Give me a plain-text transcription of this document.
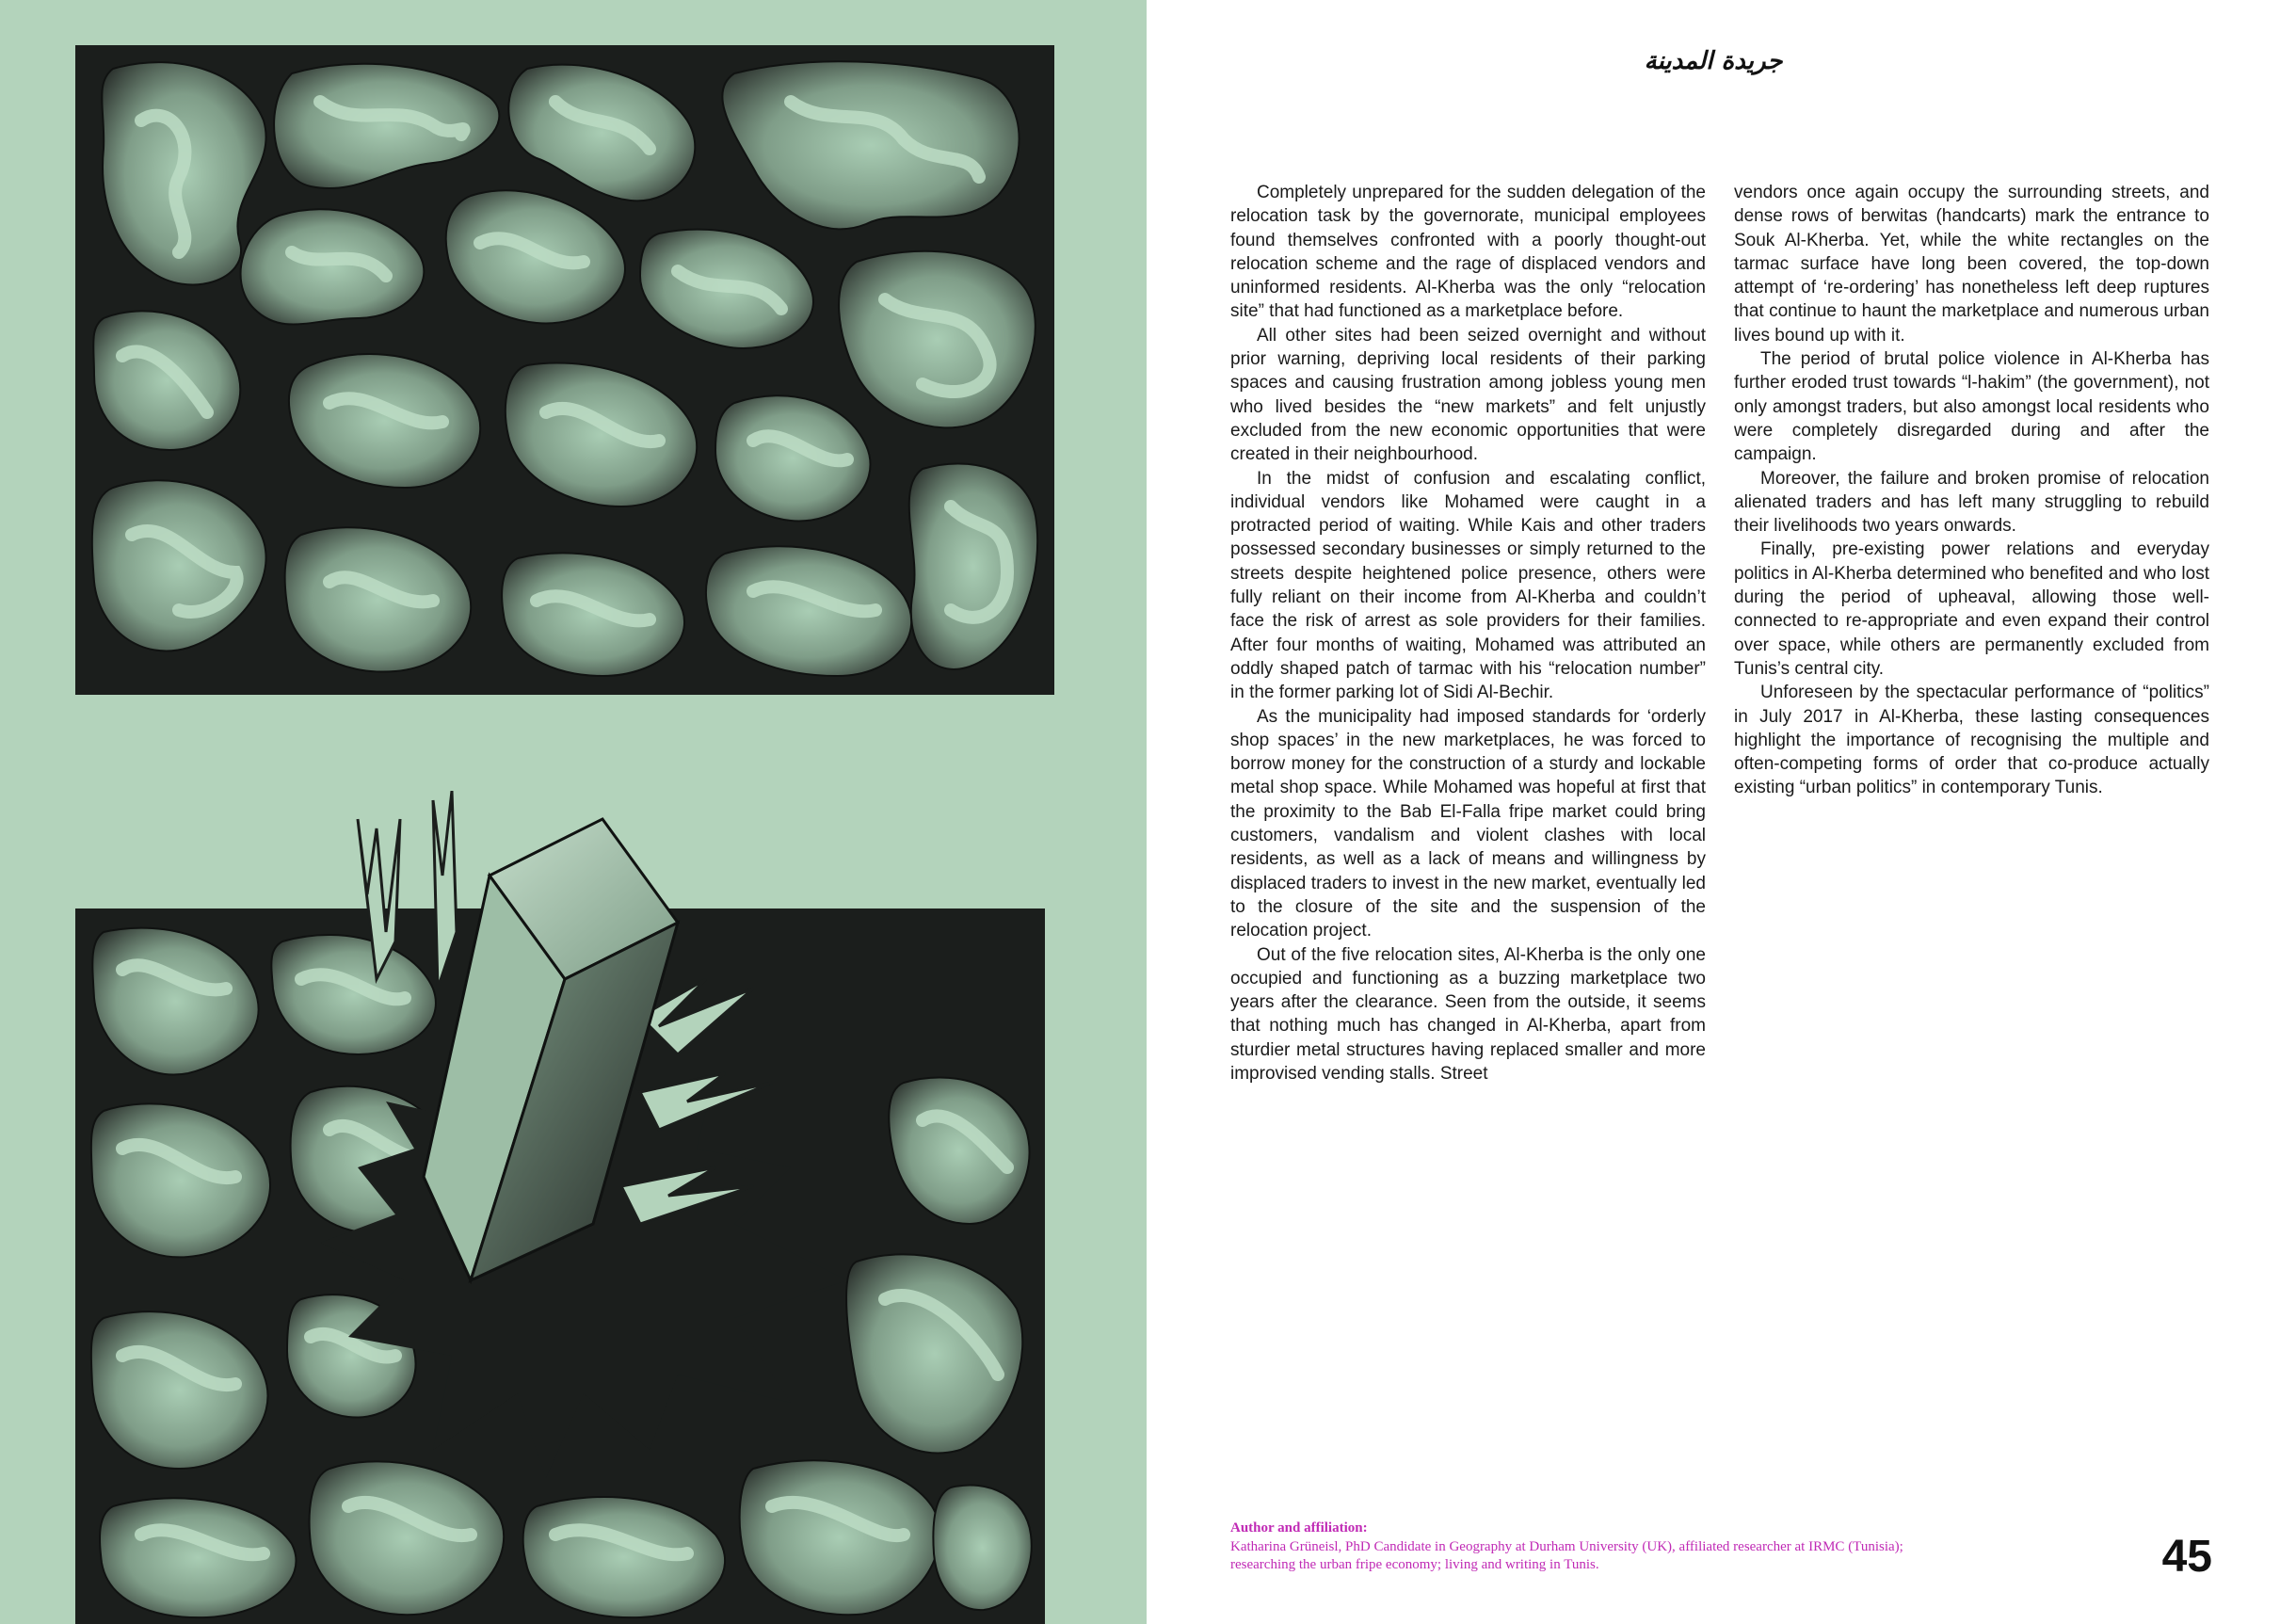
جريدة المدينة

Completely unprepared for the sudden delegation of the relocation task by the governorate, municipal employees found themselves confronted with a poorly thought-out relocation scheme and the rage of displaced vendors and uninformed residents. Al-Kherba was the only “relocation site” that had functioned as a marketplace before.

All other sites had been seized overnight and without prior warning, depriving local residents of their parking spaces and causing frustration among jobless young men who lived besides the “new markets” and felt unjustly excluded from the new economic opportunities that were created in their neighbourhood.

In the midst of confusion and escalating conflict, individual vendors like Mohamed were caught in a protracted period of waiting. While Kais and other traders possessed secondary businesses or simply returned to the streets despite heightened police presence, others were fully reliant on their income from Al-Kherba and couldn’t face the risk of arrest as sole providers for their families. After four months of waiting, Mohamed was attributed an oddly shaped patch of tarmac with his “relocation number” in the former parking lot of Sidi Al-Bechir.

As the municipality had imposed standards for ‘orderly shop spaces’ in the new marketplaces, he was forced to borrow money for the construction of a sturdy and lockable metal shop space. While Mohamed was hopeful at first that the proximity to the Bab El-Falla fripe market could bring customers, vandalism and violent clashes with local residents, as well as a lack of means and willingness by displaced traders to invest in the new market, eventually led to the closure of the site and the suspension of the relocation project.

Out of the five relocation sites, Al-Kherba is the only one occupied and functioning as a buzzing marketplace two years after the clearance. Seen from the outside, it seems that nothing much has changed in Al-Kherba, apart from sturdier metal structures having replaced smaller and more improvised vending stalls. Street

vendors once again occupy the surrounding streets, and dense rows of berwitas (handcarts) mark the entrance to Souk Al-Kherba. Yet, while the white rectangles on the tarmac surface have long been covered, the top-down attempt of ‘re-ordering’ has nonetheless left deep ruptures that continue to haunt the marketplace and numerous urban lives bound up with it.

The period of brutal police violence in Al-Kherba has further eroded trust towards “l-hakim” (the government), not only amongst traders, but also amongst local residents who were completely disregarded during and after the campaign.

Moreover, the failure and broken promise of relocation alienated traders and has left many struggling to rebuild their livelihoods two years onwards.

Finally, pre-existing power relations and everyday politics in Al-Kherba determined who benefited and who lost during the period of upheaval, allowing those well-connected to re-appropriate and even expand their control over space, while others are permanently excluded from Tunis’s central city.

Unforeseen by the spectacular performance of “politics” in July 2017 in Al-Kherba, these lasting consequences highlight the importance of recognising the multiple and often-competing forms of order that co-produce actually existing “urban politics” in contemporary Tunis.

Author and affiliation:
Katharina Grüneisl, PhD Candidate in Geography at Durham University (UK), affiliated researcher at IRMC (Tunisia);
researching the urban fripe economy; living and writing in Tunis.	45
